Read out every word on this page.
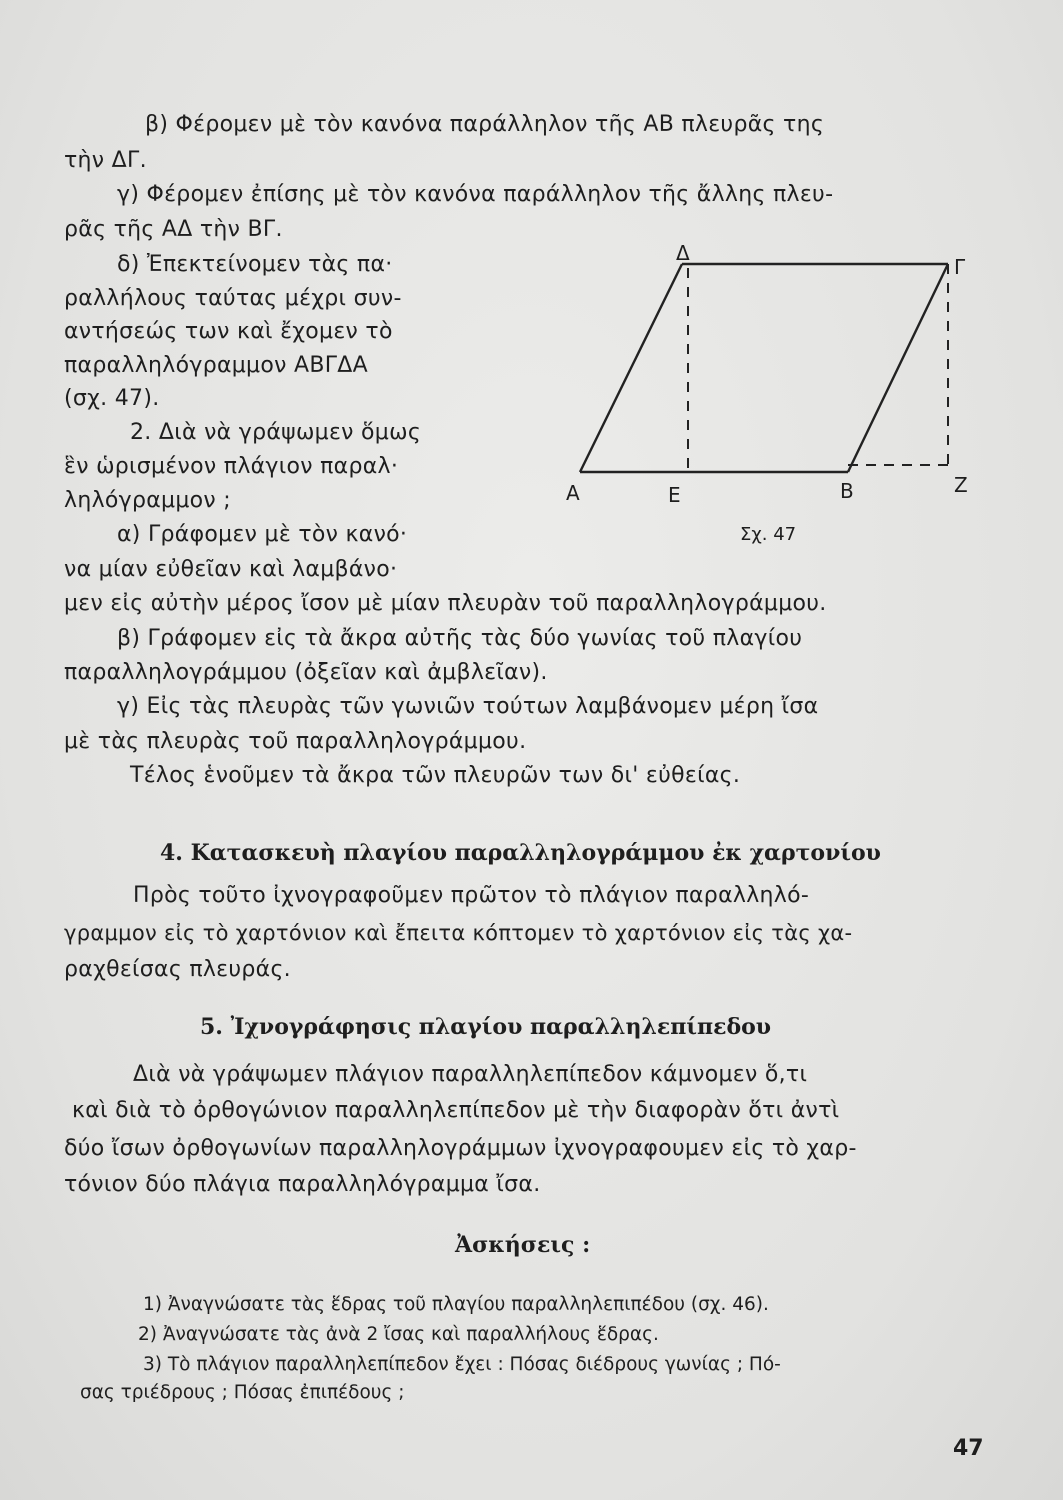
β) Φέρομεν μὲ τὸν κανόνα παράλληλον τῆς ΑΒ πλευρᾶς της
τὴν ΔΓ.
γ) Φέρομεν ἐπίσης μὲ τὸν κανόνα παράλληλον τῆς ἄλλης πλευ-
ρᾶς τῆς ΑΔ τὴν ΒΓ.
δ) Ἐπεκτείνομεν τὰς πα·
ραλλήλους ταύτας μέχρι συν-
αντήσεώς των καὶ ἔχομεν τὸ
παραλληλόγραμμον ΑΒΓΔΑ
(σχ. 47).
2. Διὰ νὰ γράψωμεν ὅμως
ἓν ὡρισμένον πλάγιον παραλ·
ληλόγραμμον ;
α) Γράφομεν μὲ τὸν κανό·
να μίαν εὐθεῖαν καὶ λαμβάνο·
Δ
Γ
Α	Ε	Β	Ζ
Σχ. 47
μεν εἰς αὐτὴν μέρος ἴσον μὲ μίαν πλευρὰν τοῦ παραλληλογράμμου.
β) Γράφομεν εἰς τὰ ἄκρα αὐτῆς τὰς δύο γωνίας τοῦ πλαγίου
παραλληλογράμμου (ὀξεῖαν καὶ ἀμβλεῖαν).
γ) Εἰς τὰς πλευρὰς τῶν γωνιῶν τούτων λαμβάνομεν μέρη ἴσα
μὲ τὰς πλευρὰς τοῦ παραλληλογράμμου.
Τέλος ἑνοῦμεν τὰ ἄκρα τῶν πλευρῶν των δι' εὐθείας.
4. Κατασκευὴ πλαγίου παραλληλογράμμου ἐκ χαρτονίου
Πρὸς τοῦτο ἰχνογραφοῦμεν πρῶτον τὸ πλάγιον παραλληλό-
γραμμον εἰς τὸ χαρτόνιον καὶ ἔπειτα κόπτομεν τὸ χαρτόνιον εἰς τὰς χα-
ραχθείσας πλευράς.
5. Ἰχνογράφησις πλαγίου παραλληλεπίπεδου
Διὰ νὰ γράψωμεν πλάγιον παραλληλεπίπεδον κάμνομεν ὅ,τι
καὶ διὰ τὸ ὀρθογώνιον παραλληλεπίπεδον μὲ τὴν διαφορὰν ὅτι ἀντὶ
δύο ἴσων ὀρθογωνίων παραλληλογράμμων ἰχνογραφουμεν εἰς τὸ χαρ-
τόνιον δύο πλάγια παραλληλόγραμμα ἴσα.
Ἀσκήσεις :
1) Ἀναγνώσατε τὰς ἕδρας τοῦ πλαγίου παραλληλεπιπέδου (σχ. 46).
2) Ἀναγνώσατε τὰς ἀνὰ 2 ἴσας καὶ παραλλήλους ἕδρας.
3) Τὸ πλάγιον παραλληλεπίπεδον ἔχει : Πόσας διέδρους γωνίας ; Πό-
σας τριέδρους ; Πόσας ἐπιπέδους ;
47
